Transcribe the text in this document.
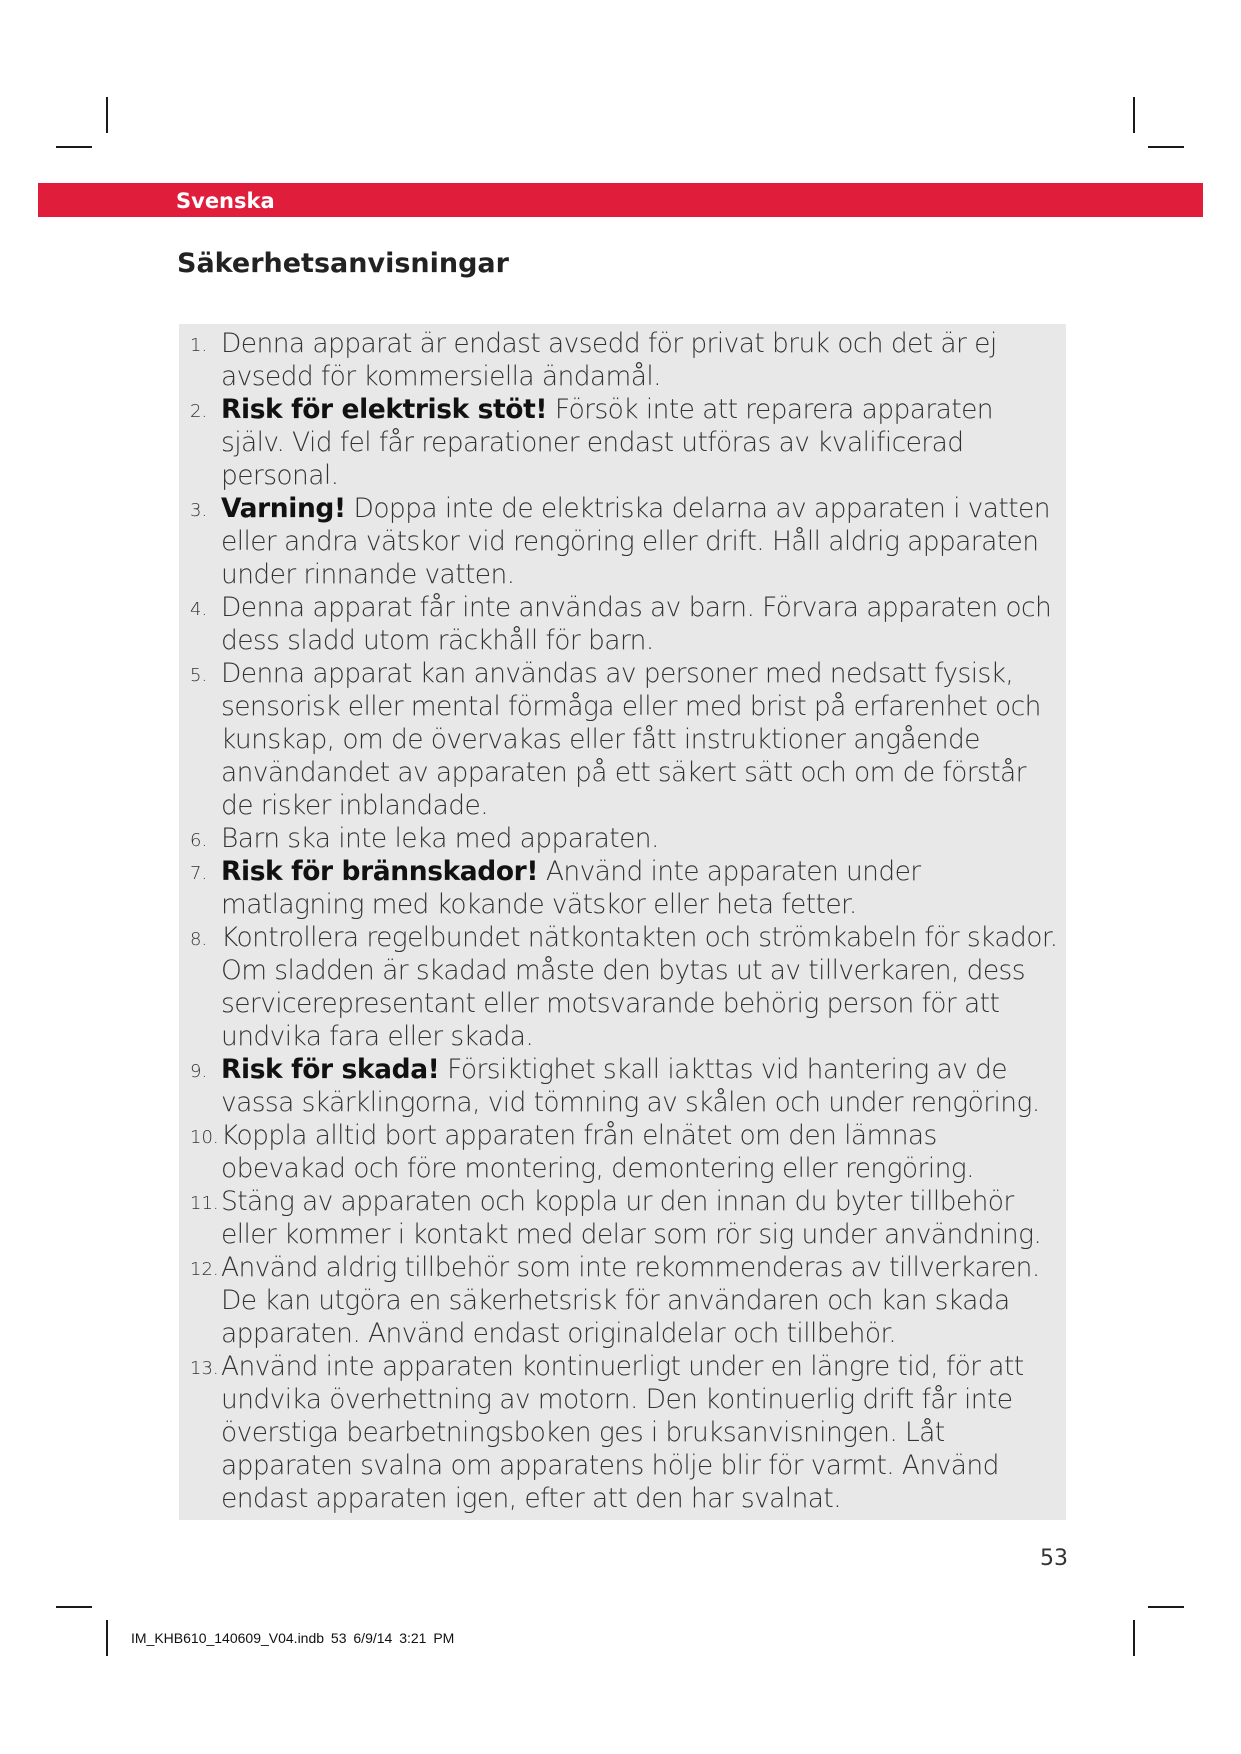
Svenska
Säkerhetsanvisningar
1. Denna apparat är endast avsedd för privat bruk och det är ej avsedd för kommersiella ändamål.
2. Risk för elektrisk stöt! Försök inte att reparera apparaten själv. Vid fel får reparationer endast utföras av kvalificerad personal.
3. Varning! Doppa inte de elektriska delarna av apparaten i vatten eller andra vätskor vid rengöring eller drift. Håll aldrig apparaten under rinnande vatten.
4. Denna apparat får inte användas av barn. Förvara apparaten och dess sladd utom räckhåll för barn.
5. Denna apparat kan användas av personer med nedsatt fysisk, sensorisk eller mental förmåga eller med brist på erfarenhet och kunskap, om de övervakas eller fått instruktioner angående användandet av apparaten på ett säkert sätt och om de förstår de risker inblandade.
6. Barn ska inte leka med apparaten.
7. Risk för brännskador! Använd inte apparaten under matlagning med kokande vätskor eller heta fetter.
8. Kontrollera regelbundet nätkontakten och strömkabeln för skador. Om sladden är skadad måste den bytas ut av tillverkaren, dess servicerepresentant eller motsvarande behörig person för att undvika fara eller skada.
9. Risk för skada! Försiktighet skall iakttas vid hantering av de vassa skärklingorna, vid tömning av skålen och under rengöring.
10. Koppla alltid bort apparaten från elnätet om den lämnas obevakad och före montering, demontering eller rengöring.
11. Stäng av apparaten och koppla ur den innan du byter tillbehör eller kommer i kontakt med delar som rör sig under användning.
12. Använd aldrig tillbehör som inte rekommenderas av tillverkaren. De kan utgöra en säkerhetsrisk för användaren och kan skada apparaten. Använd endast originaldelar och tillbehör.
13. Använd inte apparaten kontinuerligt under en längre tid, för att undvika överhettning av motorn. Den kontinuerlig drift får inte överstiga bearbetningsboken ges i bruksanvisningen. Låt apparaten svalna om apparatens hölje blir för varmt. Använd endast apparaten igen, efter att den har svalnat.
53
IM_KHB610_140609_V04.indb 53 6/9/14 3:21 PM
